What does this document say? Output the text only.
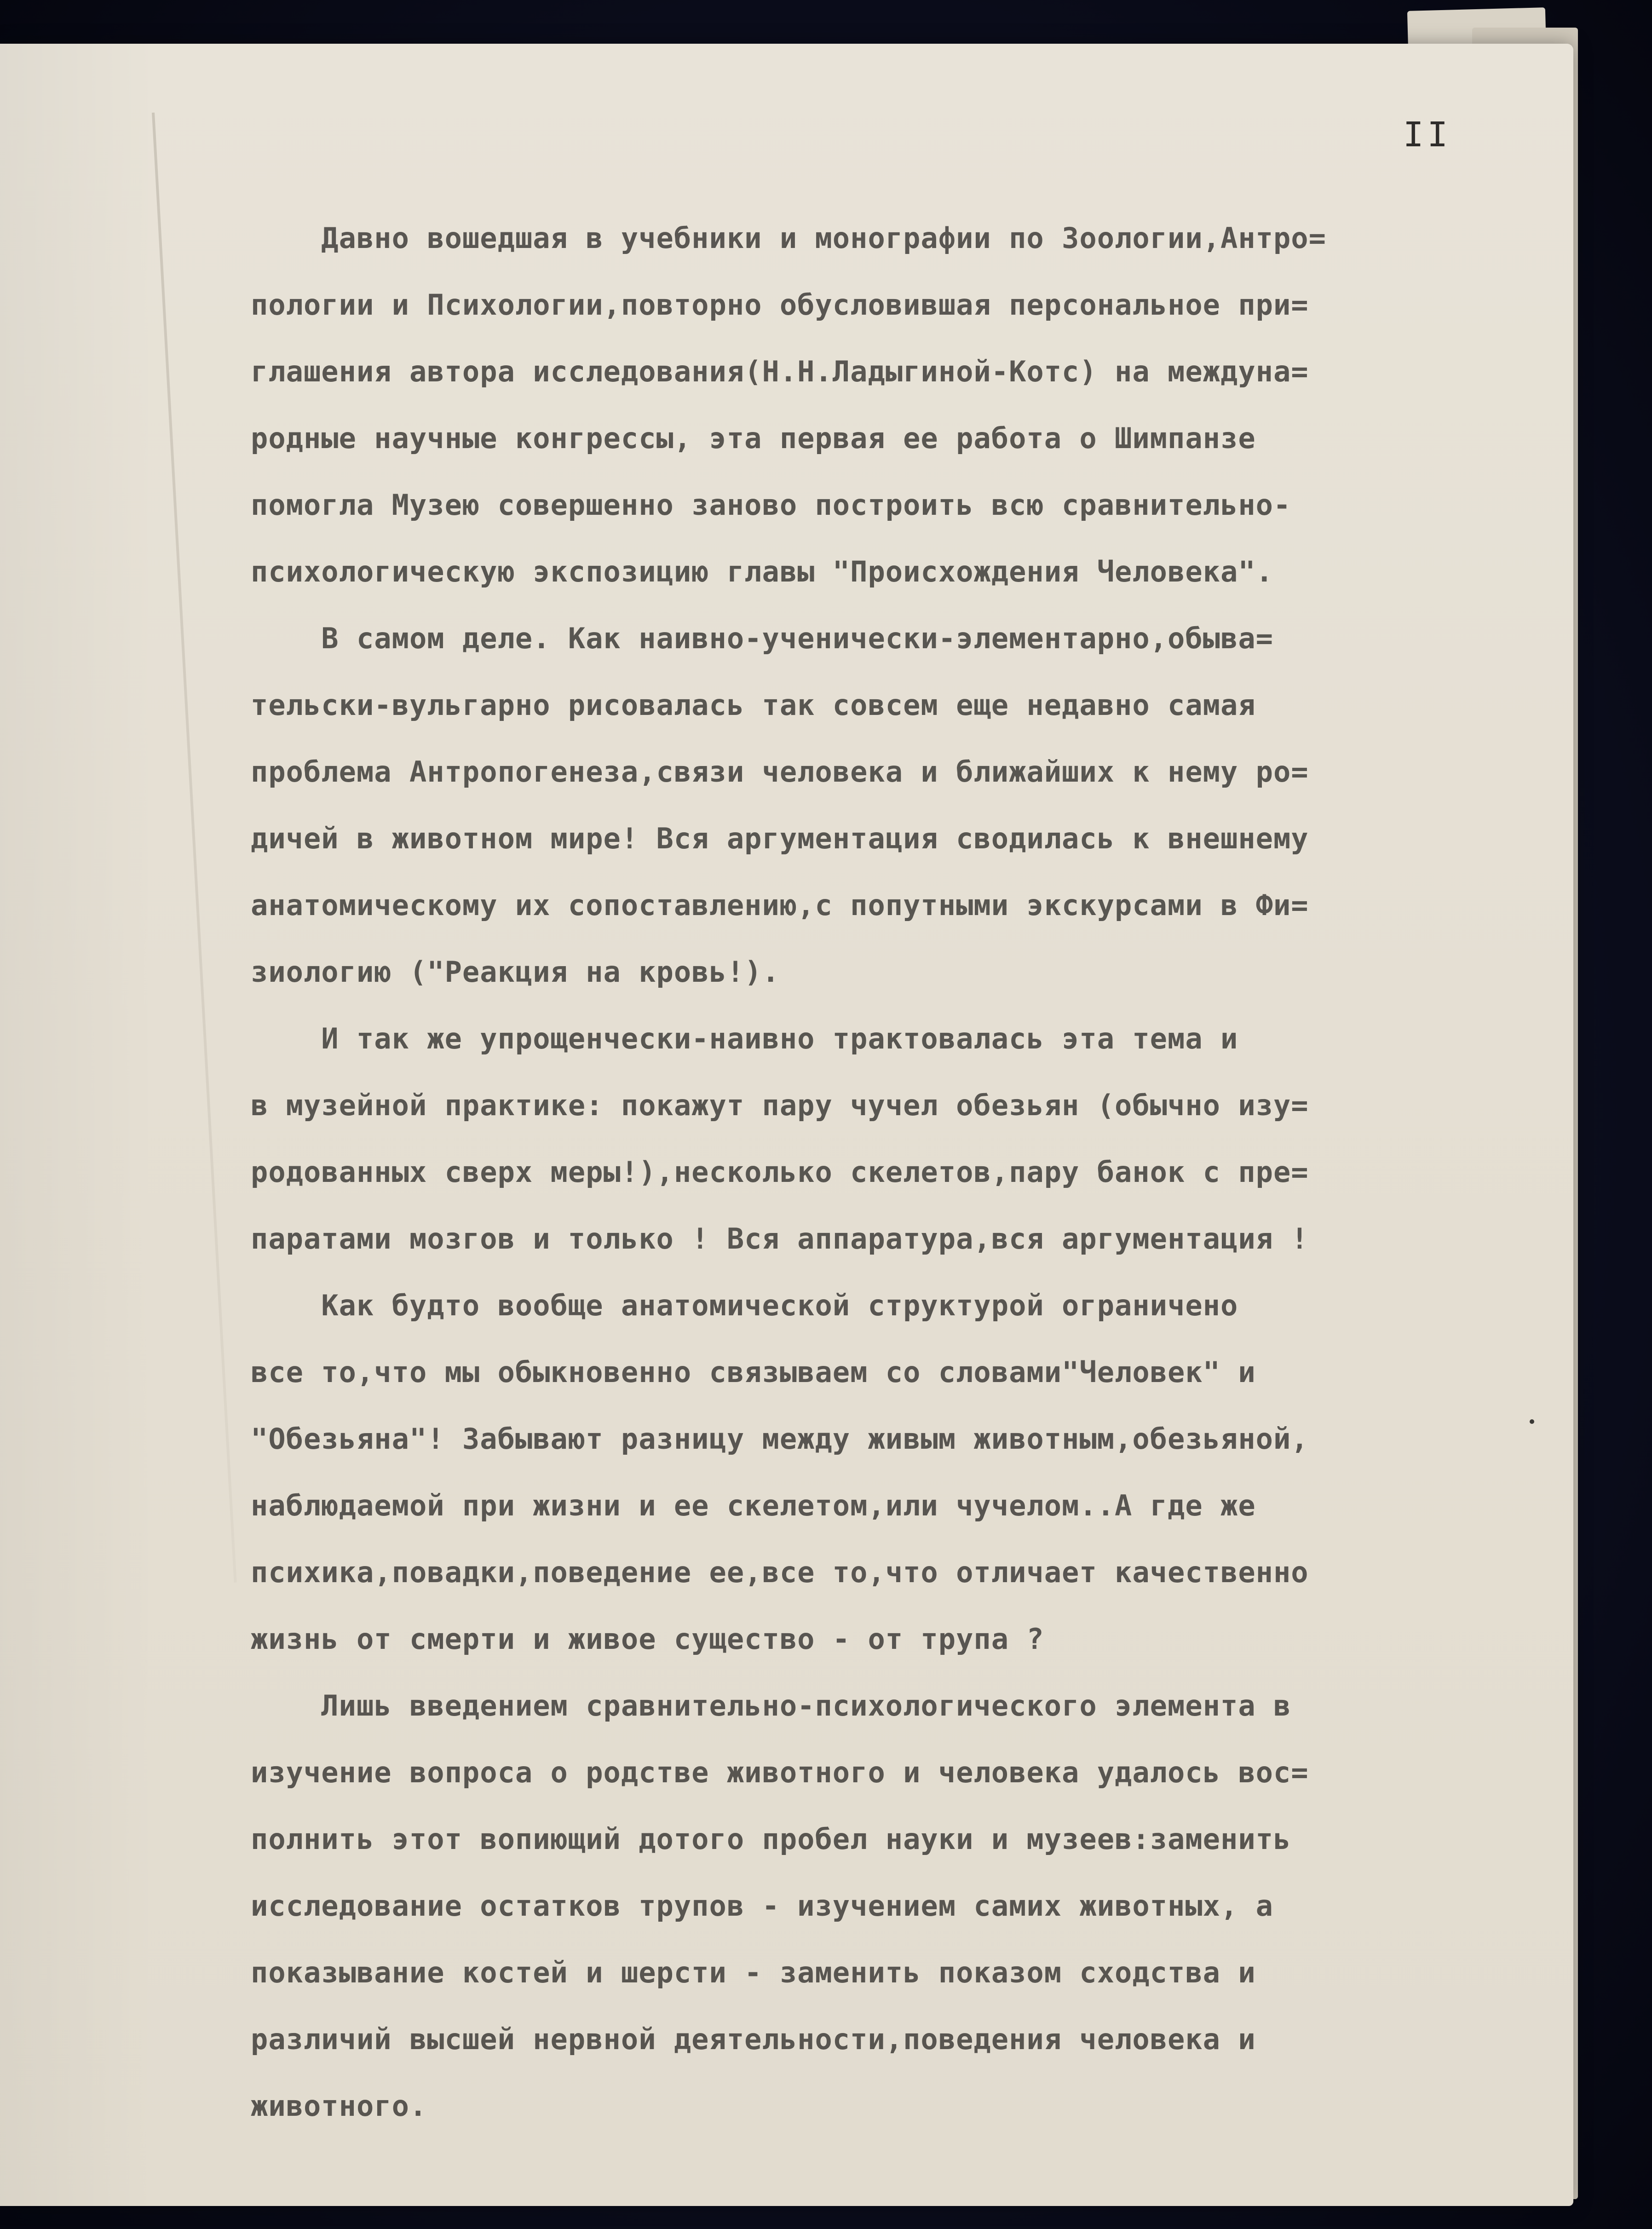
II
Давно вошедшая в учебники и монографии по Зоологии,Антро=
пологии и Психологии,повторно обусловившая персональное при=
глашения автора исследования(Н.Н.Ладыгиной-Котс) на междуна=
родные научные конгрессы, эта первая ее работа о Шимпанзе
помогла Музею совершенно заново построить всю сравнительно-
психологическую экспозицию главы "Происхождения Человека".
В самом деле. Как наивно-ученически-элементарно,обыва=
тельски-вульгарно рисовалась так совсем еще недавно самая
проблема Антропогенеза,связи человека и ближайших к нему ро=
дичей в животном мире! Вся аргументация сводилась к внешнему
анатомическому их сопоставлению,с попутными экскурсами в Фи=
зиологию ("Реакция на кровь!).
И так же упрощенчески-наивно трактовалась эта тема и
в музейной практике: покажут пару чучел обезьян (обычно изу=
родованных сверх меры!),несколько скелетов,пару банок с пре=
паратами мозгов и только ! Вся аппаратура,вся аргументация !
Как будто вообще анатомической структурой ограничено
все то,что мы обыкновенно связываем со словами"Человек" и
"Обезьяна"! Забывают разницу между живым животным,обезьяной,
наблюдаемой при жизни и ее скелетом,или чучелом..А где же
психика,повадки,поведение ее,все то,что отличает качественно
жизнь от смерти и живое существо - от трупа ?
Лишь введением сравнительно-психологического элемента в
изучение вопроса о родстве животного и человека удалось вос=
полнить этот вопиющий дотого пробел науки и музеев:заменить
исследование остатков трупов - изучением самих животных, а
показывание костей и шерсти - заменить показом сходства и
различий высшей нервной деятельности,поведения человека и
животного.
